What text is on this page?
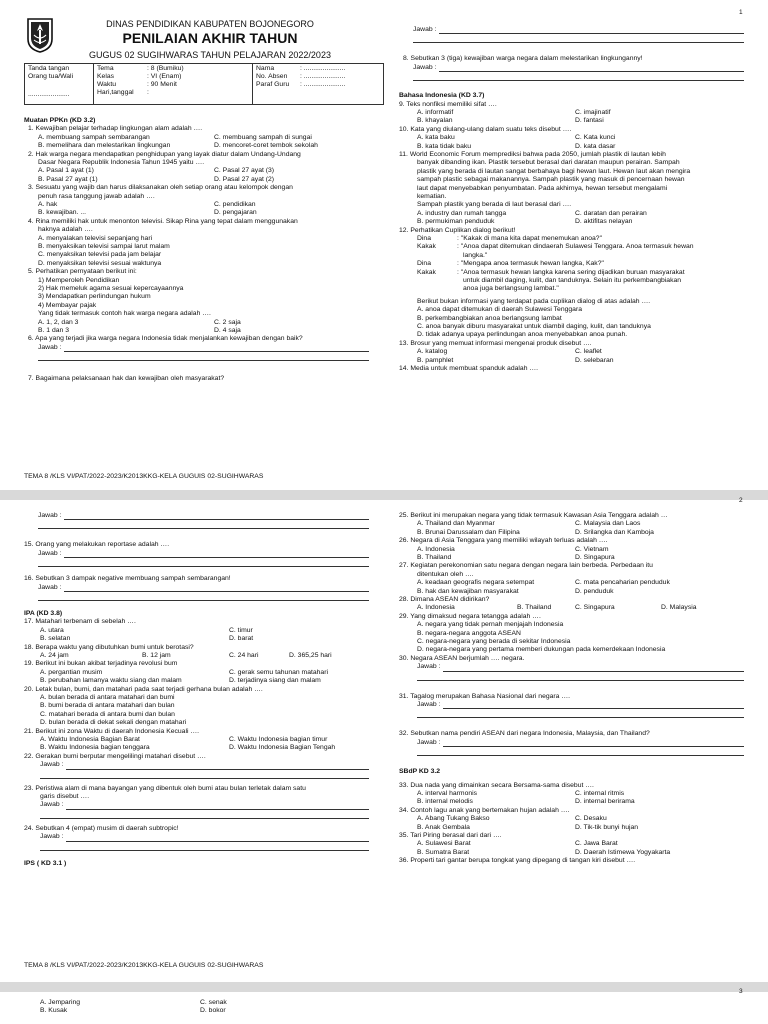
1
2
3
DINAS PENDIDIKAN KABUPATEN BOJONEGORO
PENILAIAN AKHIR TAHUN
GUGUS 02 SUGIHWARAS TAHUN PELAJARAN 2022/2023
Tanda tangan
Orang tua/Wali
......................

Tema	: 8 (Bumiku)
Kelas	: VI (Enam)
Waktu	: 90 Menit
Hari,tanggal :

Nama	: ......................
No. Absen : ......................
Paraf Guru : ......................
Muatan PPKn (KD 3.2)
1. Kewajiban pelajar terhadap lingkungan alam adalah ….
A. membuang sampah sembarangan	C. membuang sampah di sungai
B. memelihara dan melestarikan lingkungan	D. mencoret-coret tembok sekolah
2. Hak warga negara mendapatkan penghidupan yang layak diatur dalam Undang-Undang
Dasar Negara Republik Indonesia Tahun 1945 yaitu ….
A. Pasal 1 ayat (1)	C. Pasal 27 ayat (3)
B. Pasal 27 ayat (1)	D. Pasal 27 ayat (2)
3. Sesuatu yang wajib dan harus dilaksanakan oleh setiap orang atau kelompok dengan
penuh rasa tanggung jawab adalah ….
A. hak	C. pendidikan
B. kewajiban. ...	D. pengajaran
4. Rina memiliki hak untuk menonton televisi. Sikap Rina yang tepat dalam menggunakan
haknya adalah ….
A. menyalakan televisi sepanjang hari
B. menyaksikan televisi sampai larut malam
C. menyaksikan televisi pada jam belajar
D. menyaksikan televisi sesuai waktunya
5. Perhatikan pernyataan berikut ini:
1) Memperoleh Pendidikan
2) Hak memeluk agama sesuai kepercayaannya
3) Mendapatkan perlindungan hukum
4) Membayar pajak
Yang tidak termasuk contoh hak warga negara adalah ….
A. 1, 2, dan 3	C. 2 saja
B. 1 dan 3	D. 4 saja
6. Apa yang terjadi jika warga negara Indonesia tidak menjalankan kewajiban dengan baik?
Jawab :
7. Bagaimana pelaksanaan hak dan kewajiban oleh masyarakat?
TEMA 8 /KLS VI/PAT/2022-2023/K2013KKG-KELA GUGUIS 02-SUGIHWARAS
Jawab :
8. Sebutkan 3 (tiga) kewajiban warga negara dalam melestarikan lingkunganny!
Jawab :
Bahasa Indonesia (KD 3.7)
9. Teks nonfiksi memiliki sifat ….
A. informatif	C. imajinatif
B. khayalan	D. fantasi
10. Kata yang diulang-ulang dalam suatu teks disebut ….
A. kata baku	C. Kata kunci
B. kata tidak baku	D. kata dasar
11. World Economic Forum memprediksi bahwa pada 2050, jumlah plastik di lautan lebih
banyak dibanding ikan. Plastik tersebut berasal dari daratan maupun perairan. Sampah
plastik yang berada di lautan sangat berbahaya bagi hewan laut. Hewan laut akan mengira
sampah plastic sebagai makanannya. Sampah plastik yang masuk di pencernaan hewan
laut dapat menyebabkan penyumbatan. Pada akhirnya, hewan tersebut mengalami
kematian.
Sampah plastik yang berada di laut berasal dari ….
A. industry dan rumah tangga	C. daratan dan perairan
B. permukiman penduduk	D. aktifitas nelayan
12. Perhatikan Cuplikan dialog berikut!
Dina	: "Kakak di mana kita dapat menemukan anoa?"
Kakak	: "Anoa dapat ditemukan dindaerah Sulawesi Tenggara. Anoa termasuk hewan
langka."
Dina	: "Mengapa anoa termasuk hewan langka, Kak?"
Kakak	: "Anoa termasuk hewan langka karena sering dijadikan buruan masyarakat
untuk diambil daging, kulit, dan tanduknya. Selain itu perkembangbiakan
anoa juga berlangsung lambat."
Berikut bukan informasi yang terdapat pada cuplikan dialog di atas adalah ….
A. anoa dapat ditemukan di daerah Sulawesi Tenggara
B. perkembangbiakan anoa berlangsung lambat
C. anoa banyak diburu masyarakat untuk diambil daging, kulit, dan tanduknya
D. tidak adanya upaya perlindungan anoa menyebabkan anoa punah.
13. Brosur yang memuat informasi mengenai produk disebut ….
A. katalog	C. leaflet
B. pamphlet	D. selebaran
14. Media untuk membuat spanduk adalah ….
Jawab :
15. Orang yang melakukan reportase adalah ….
Jawab :
16. Sebutkan 3 dampak negative membuang sampah sembarangan!
Jawab :
IPA (KD 3.8)
17. Matahari terbenam di sebelah ….
A. utara	C. timur
B. selatan	D. barat
18. Berapa waktu yang dibutuhkan bumi untuk berotasi?
A. 24 jam	B. 12 jam	C. 24 hari	D. 365,25 hari
19. Berikut ini bukan akibat terjadinya revolusi bum
A. pergantian musim	C. gerak semu tahunan matahari
B. perubahan lamanya waktu siang dan malam	D. terjadinya siang dan malam
20. Letak bulan, bumi, dan matahari pada saat terjadi gerhana bulan adalah ….
A. bulan berada di antara matahari dan bumi
B. bumi berada di antara matahari dan bulan
C. matahari berada di antara bumi dan bulan
D. bulan berada di dekat sekali dengan matahari
21. Berikut ini zona Waktu di daerah Indonesia Kecuali ….
A. Waktu Indonesia Bagian Barat	C. Waktu Indonesia bagian timur
B. Waktu Indonesia bagian tenggara	D. Waktu Indonesia Bagian Tengah
22. Gerakan bumi berputar mengelilingi matahari disebut ….
Jawab :
23. Peristiwa alam di mana bayangan yang dibentuk oleh bumi atau bulan terletak dalam satu
garis disebut ….
Jawab :
24. Sebutkan 4 (empat) musim di daerah subtropic!
Jawab :
IPS ( KD 3.1 )
TEMA 8 /KLS VI/PAT/2022-2023/K2013KKG-KELA GUGUIS 02-SUGIHWARAS
25. Berikut ini merupakan negara yang tidak termasuk Kawasan Asia Tenggara adalah …
A. Thailand dan Myanmar	C. Malaysia dan Laos
B. Brunai Darussalam dan Filipina	D. Srilangka dan Kamboja
26. Negara di Asia Tenggara yang memiliki wilayah terluas adalah ….
A. Indonesia	C. Vietnam
B. Thailand	D. Singapura
27. Kegiatan perekonomian satu negara dengan negara lain berbeda. Perbedaan itu
ditentukan oleh ….
A. keadaan geografis negara setempat	C. mata pencaharian penduduk
B. hak dan kewajiban masyarakat	D. penduduk
28. Dimana ASEAN didirikan?
A. Indonesia	B. Thailand	C. Singapura	D. Malaysia
29. Yang dimaksud negara tetangga adalah ….
A. negara yang tidak pernah menjajah Indonesia
B. negara-negara anggota ASEAN
C. negara-negara yang berada di sekitar Indonesia
D. negara-negara yang pertama memberi dukungan pada kemerdekaan Indonesia
30. Negara ASEAN berjumlah …. negara.
Jawab :
31. Tagalog merupakan Bahasa Nasional dari negara ….
Jawab :
32. Sebutkan nama pendiri ASEAN dari negara Indonesia, Malaysia, dan Thailand?
Jawab :
SBdP KD 3.2
33. Dua nada yang dimainkan secara Bersama-sama disebut ….
A. interval harmonis	C. internal ritmis
B. internal melodis	D. internal berirama
34. Contoh lagu anak yang bertemakan hujan adalah ….
A. Abang Tukang Bakso	C. Desaku
B. Anak Gembala	D. Tik-tik bunyi hujan
35. Tari Piring berasal dari dari ….
A. Sulawesi Barat	C. Jawa Barat
B. Sumatra Barat	D. Daerah Istimewa Yogyakarta
36. Properti tari gantar berupa tongkat yang dipegang di tangan kiri disebut ….
A. Jemparing	C. senak
B. Kusak	D. bokor
